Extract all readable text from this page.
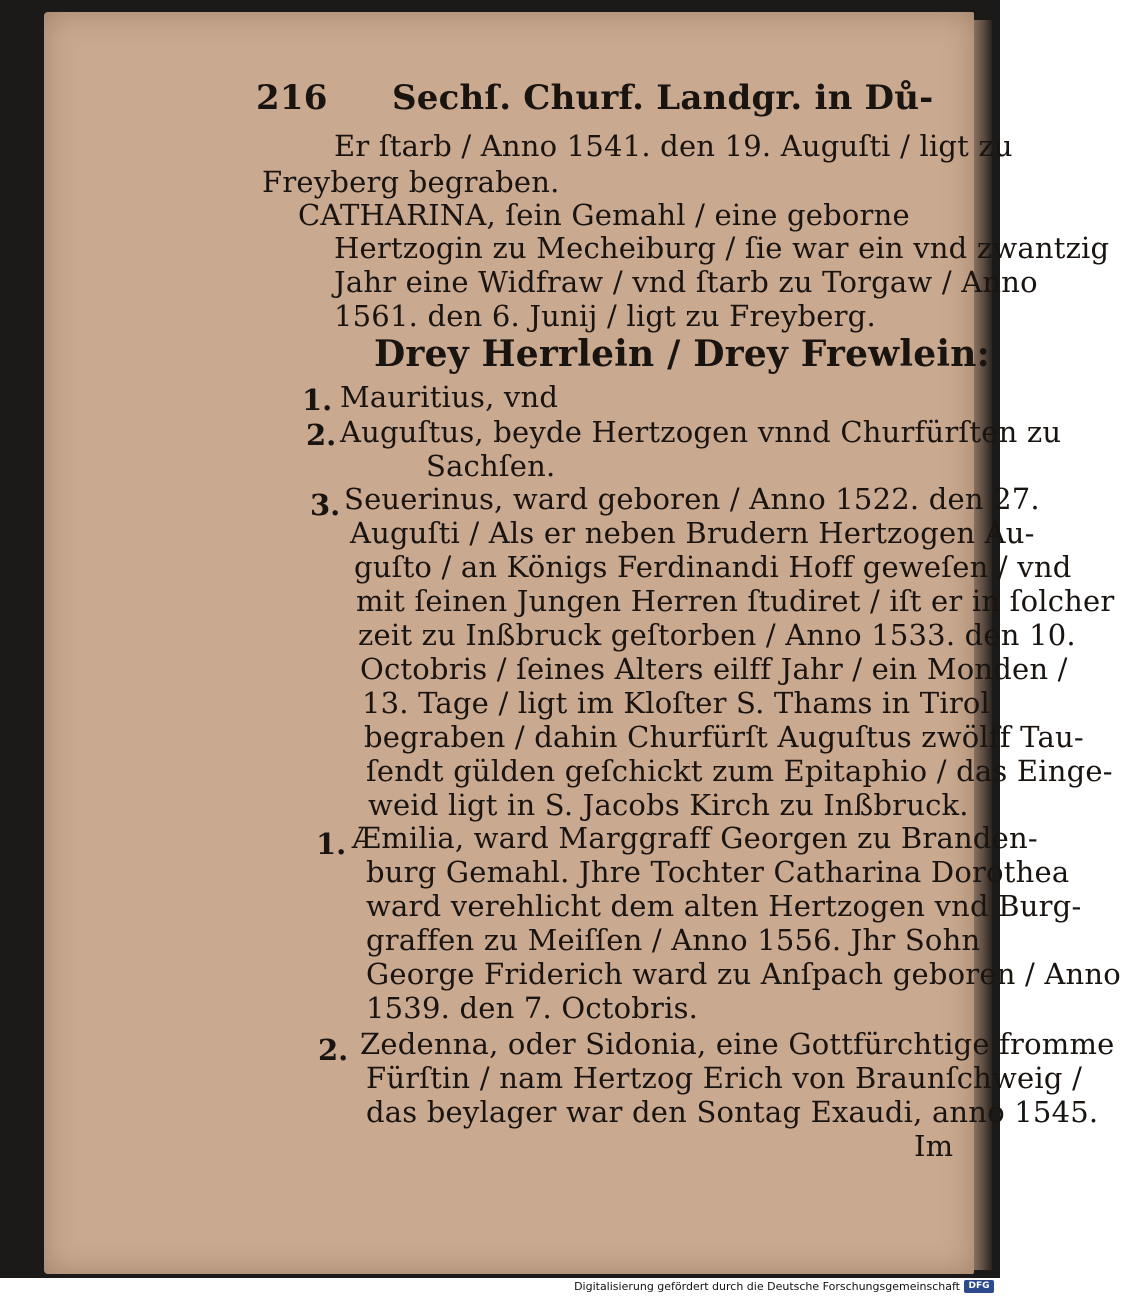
216 Sechſ. Churf. Landgr. in Dů-
Er ſtarb / Anno 1541. den 19. Auguſti / ligt zu
Freyberg begraben.
CATHARINA, ſein Gemahl / eine geborne
Hertzogin zu Mecheiburg / ſie war ein vnd zwantzig
Jahr eine Widfraw / vnd ſtarb zu Torgaw / Anno
1561. den 6. Junij / ligt zu Freyberg.
Drey Herrlein / Drey Frewlein:
1. Mauritius, vnd
2. Auguſtus, beyde Hertzogen vnnd Churfürſten zu
Sachſen.
3. Seuerinus, ward geboren / Anno 1522. den 27.
Auguſti / Als er neben Brudern Hertzogen Au-
guſto / an Königs Ferdinandi Hoff geweſen / vnd
mit ſeinen Jungen Herren ſtudiret / iſt er in ſolcher
zeit zu Inßbruck geſtorben / Anno 1533. den 10.
Octobris / ſeines Alters eilff Jahr / ein Monden /
13. Tage / ligt im Kloſter S. Thams in Tirol
begraben / dahin Churfürſt Auguſtus zwölff Tau-
ſendt gülden geſchickt zum Epitaphio / das Einge-
weid ligt in S. Jacobs Kirch zu Inßbruck.
1. Æmilia, ward Marggraff Georgen zu Branden-
burg Gemahl. Jhre Tochter Catharina Dorothea
ward verehlicht dem alten Hertzogen vnd Burg-
graffen zu Meiſſen / Anno 1556. Jhr Sohn
George Friderich ward zu Anſpach geboren / Anno
1539. den 7. Octobris.
2. Zedenna, oder Sidonia, eine Gottfürchtige fromme
Fürſtin / nam Hertzog Erich von Braunſchweig /
das beylager war den Sontag Exaudi, anno 1545.
Im
Digitalisierung gefördert durch die Deutsche Forschungsgemeinschaft DFG
